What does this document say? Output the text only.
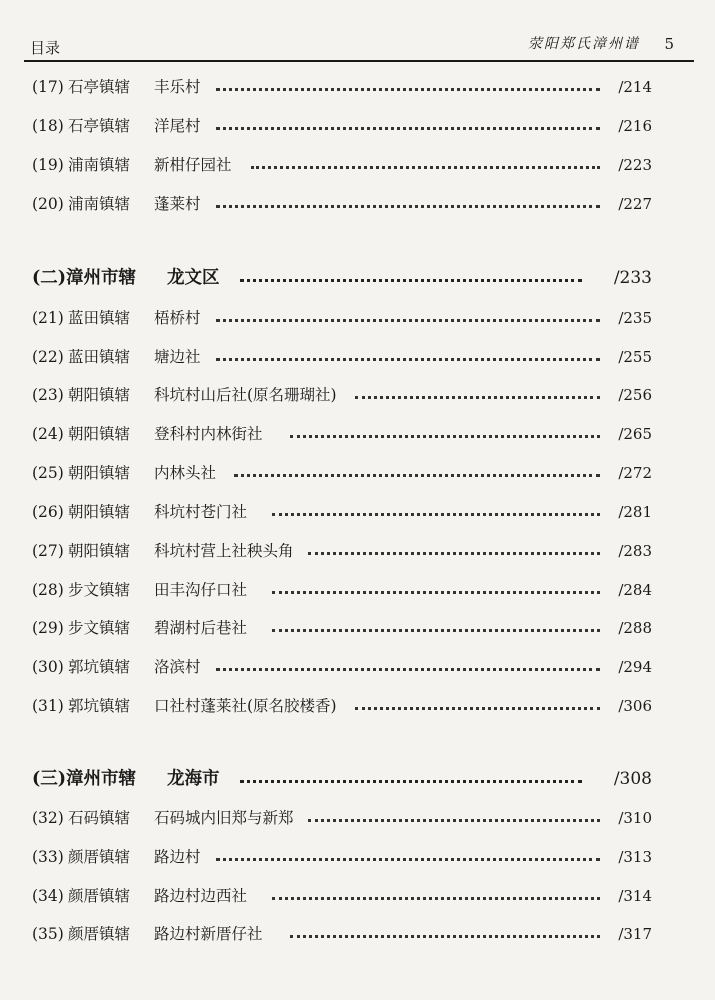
目录	荥阳郑氏漳州谱 5
(17) 石亭镇辖 丰乐村	/214
(18) 石亭镇辖 洋尾村	/216
(19) 浦南镇辖 新柑仔园社	/223
(20) 浦南镇辖 蓬莱村	/227
(二)漳州市辖 龙文区	/233
(21) 蓝田镇辖 梧桥村	/235
(22) 蓝田镇辖 塘边社	/255
(23) 朝阳镇辖 科坑村山后社(原名珊瑚社)	/256
(24) 朝阳镇辖 登科村内林街社	/265
(25) 朝阳镇辖 内林头社	/272
(26) 朝阳镇辖 科坑村苍门社	/281
(27) 朝阳镇辖 科坑村营上社秧头角	/283
(28) 步文镇辖 田丰沟仔口社	/284
(29) 步文镇辖 碧湖村后巷社	/288
(30) 郭坑镇辖 洛滨村	/294
(31) 郭坑镇辖 口社村蓬莱社(原名胶楼香)	/306
(三)漳州市辖 龙海市	/308
(32) 石码镇辖 石码城内旧郑与新郑	/310
(33) 颜厝镇辖 路边村	/313
(34) 颜厝镇辖 路边村边西社	/314
(35) 颜厝镇辖 路边村新厝仔社	/317
